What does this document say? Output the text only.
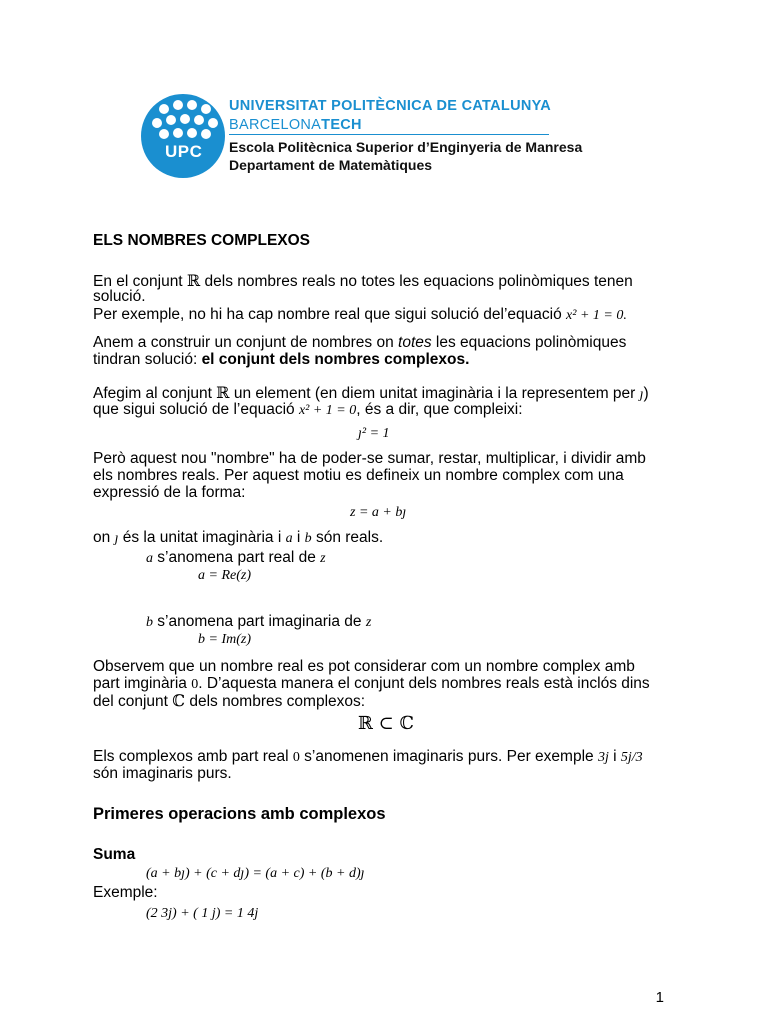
UPC
UNIVERSITAT POLITÈCNICA DE CATALUNYA
BARCELONATECH
Escola Politècnica Superior d’Enginyeria de Manresa
Departament de Matemàtiques
ELS NOMBRES COMPLEXOS
En el conjunt ℝ dels nombres reals no totes les equacions polinòmiques tenen
solució.
Per exemple, no hi ha cap nombre real que sigui solució del’equació x² + 1 = 0.
Anem a construir un conjunt de nombres on totes les equacions polinòmiques
tindran solució: el conjunt dels nombres complexos.
Afegim al conjunt ℝ un element (en diem unitat imaginària i la representem per ȷ)
que sigui solució de l’equació x² + 1 = 0, és a dir, que compleixi:
ȷ² = 1
Però aquest nou "nombre" ha de poder-se sumar, restar, multiplicar, i dividir amb
els nombres reals. Per aquest motiu es defineix un nombre complex com una
expressió de la forma:
z = a + bȷ
on ȷ és la unitat imaginària i a i b són reals.
a s’anomena part real de z
a = Re(z)
b s’anomena part imaginaria de z
b = Im(z)
Observem que un nombre real es pot considerar com un nombre complex amb
part imginària 0. D’aquesta manera el conjunt dels nombres reals està inclós dins
del conjunt ℂ dels nombres complexos:
ℝ ⊂ ℂ
Els complexos amb part real 0 s’anomenen imaginaris purs. Per exemple 3j i 5j/3
són imaginaris purs.
Primeres operacions amb complexos
Suma
(a + bȷ) + (c + dȷ) = (a + c) + (b + d)ȷ
Exemple:
(2 3j) + ( 1 j) = 1 4j
1
